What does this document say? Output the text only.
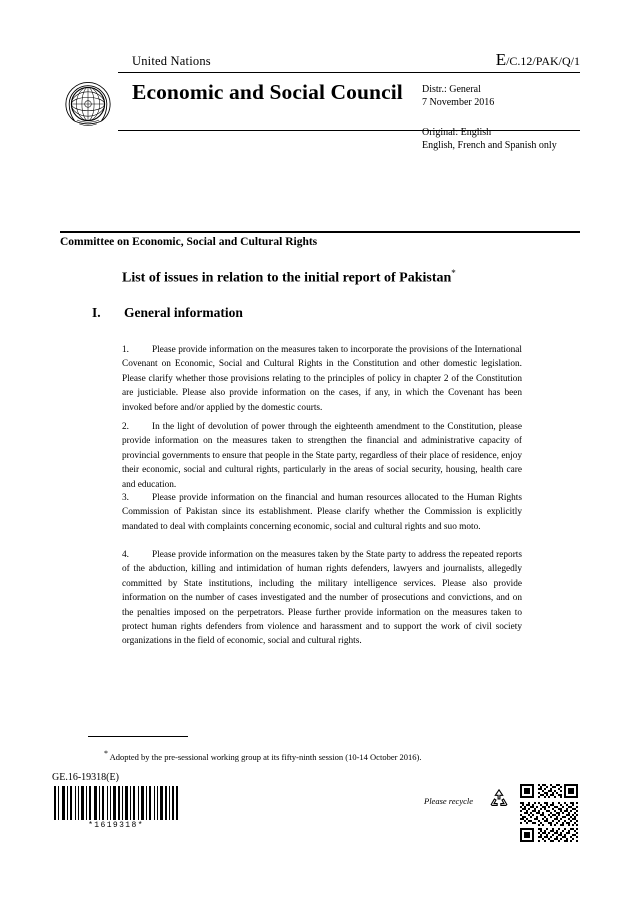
United Nations	E/C.12/PAK/Q/1
Economic and Social Council Distr.: General
7 November 2016
Original: English
English, French and Spanish only
Committee on Economic, Social and Cultural Rights
List of issues in relation to the initial report of Pakistan*
I. General information
1. Please provide information on the measures taken to incorporate the provisions of the International Covenant on Economic, Social and Cultural Rights in the Constitution and other domestic legislation. Please clarify whether those provisions relating to the principles of policy in chapter 2 of the Constitution are justiciable. Please also provide information on the cases, if any, in which the Covenant has been invoked before and/or applied by the domestic courts.
2. In the light of devolution of power through the eighteenth amendment to the Constitution, please provide information on the measures taken to strengthen the financial and administrative capacity of provincial governments to ensure that people in the State party, regardless of their place of residence, enjoy their economic, social and cultural rights, particularly in the areas of social security, housing, health care and education.
3. Please provide information on the financial and human resources allocated to the Human Rights Commission of Pakistan since its establishment. Please clarify whether the Commission is explicitly mandated to deal with complaints concerning economic, social and cultural rights and suo moto.
4. Please provide information on the measures taken by the State party to address the repeated reports of the abduction, killing and intimidation of human rights defenders, lawyers and journalists, allegedly committed by State institutions, including the military intelligence services. Please also provide information on the number of cases investigated and the number of prosecutions and convictions, and on the penalties imposed on the perpetrators. Please further provide information on the measures taken to protect human rights defenders from violence and harassment and to support the work of civil society organizations in the field of economic, social and cultural rights.
* Adopted by the pre-sessional working group at its fifty-ninth session (10-14 October 2016).
GE.16-19318(E)
*1619318*
Please recycle
